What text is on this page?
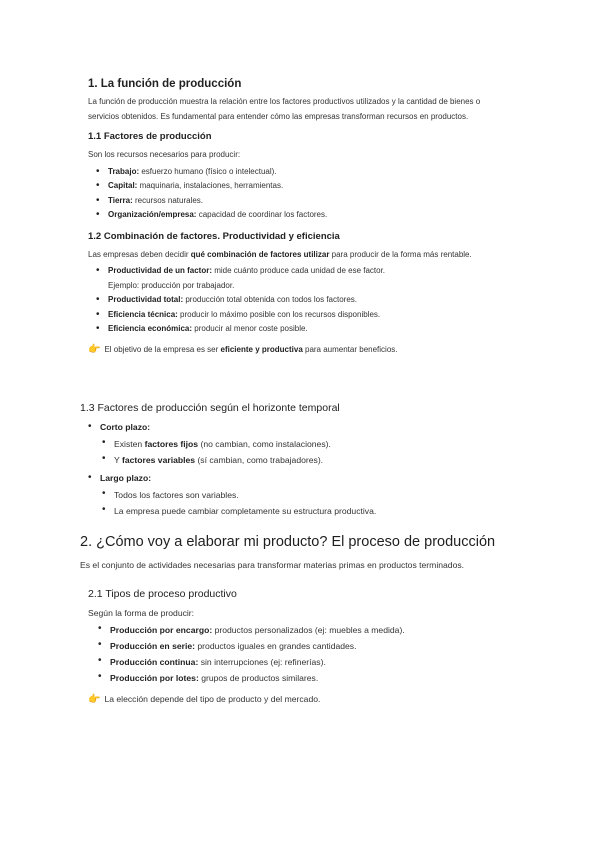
1. La función de producción

La función de producción muestra la relación entre los factores productivos utilizados y la cantidad de bienes o servicios obtenidos. Es fundamental para entender cómo las empresas transforman recursos en productos.

1.1 Factores de producción

Son los recursos necesarios para producir:

• Trabajo: esfuerzo humano (físico o intelectual).
• Capital: maquinaria, instalaciones, herramientas.
• Tierra: recursos naturales.
• Organización/empresa: capacidad de coordinar los factores.
1.2 Combinación de factores. Productividad y eficiencia

Las empresas deben decidir qué combinación de factores utilizar para producir de la forma más rentable.

• Productividad de un factor: mide cuánto produce cada unidad de ese factor.
Ejemplo: producción por trabajador.
• Productividad total: producción total obtenida con todos los factores.
• Eficiencia técnica: producir lo máximo posible con los recursos disponibles.
• Eficiencia económica: producir al menor coste posible.

👉 El objetivo de la empresa es ser eficiente y productiva para aumentar beneficios.

1.3 Factores de producción según el horizonte temporal
• Corto plazo:
• Existen factores fijos (no cambian, como instalaciones).
• Y factores variables (sí cambian, como trabajadores).
• Largo plazo:
• Todos los factores son variables.
• La empresa puede cambiar completamente su estructura productiva.
2. ¿Cómo voy a elaborar mi producto? El proceso de producción

Es el conjunto de actividades necesarias para transformar materias primas en productos terminados.

2.1 Tipos de proceso productivo

Según la forma de producir:

• Producción por encargo: productos personalizados (ej: muebles a medida).
• Producción en serie: productos iguales en grandes cantidades.
• Producción continua: sin interrupciones (ej: refinerías).
• Producción por lotes: grupos de productos similares.

👉 La elección depende del tipo de producto y del mercado.
